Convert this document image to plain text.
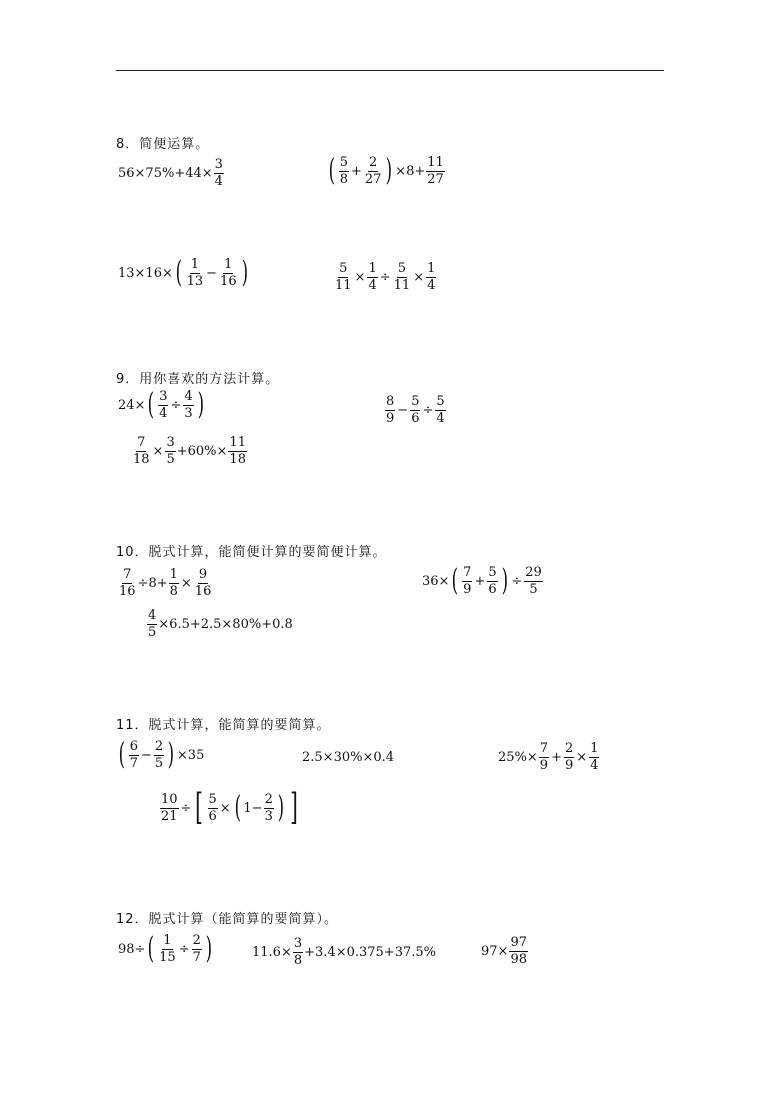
8．简便运算。
$56\times 75\%+44\times \frac{3}{4}$	( $\frac{5}{8} + \frac{2}{27}$ ) $\times 8+ \frac{11}{27}$
13×16× ( $\frac{1}{13} - \frac{1}{16}$ )	$\frac{5}{11} \times \frac{1}{4} \div \frac{5}{11} \times \frac{1}{4}$
9．用你喜欢的方法计算。
24× ( $\frac{3}{4} \div \frac{4}{3}$ )	$\frac{8}{9} - \frac{5}{6} \div \frac{5}{4}$
$\frac{7}{18} \times \frac{3}{5} +60\%\times \frac{11}{18}$
10．脱式计算，能简便计算的要简便计算。
$\frac{7}{16} \div 8+ \frac{1}{8} \times \frac{9}{16}$	36× ( $\frac{7}{9} + \frac{5}{6}$ ) ÷ $\frac{29}{5}$
$\frac{4}{5} \times 6.5+2.5\times 80\%+0.8$
11．脱式计算，能简算的要简算。
( $\frac{6}{7} - \frac{2}{5}$ ) ×35	2.5×30%×0.4	$25\%\times \frac{7}{9} + \frac{2}{9} \times \frac{1}{4}$
$\frac{10}{21}$ ÷ [ $\frac{5}{6}$ × ( $1- \frac{2}{3}$ ) ]
12．脱式计算（能简算的要简算）。
98÷ ( $\frac{1}{15} \div \frac{2}{7}$ )	$11.6\times \frac{3}{8} +3.4\times 0.375+37.5\%$	$97\times \frac{97}{98}$
